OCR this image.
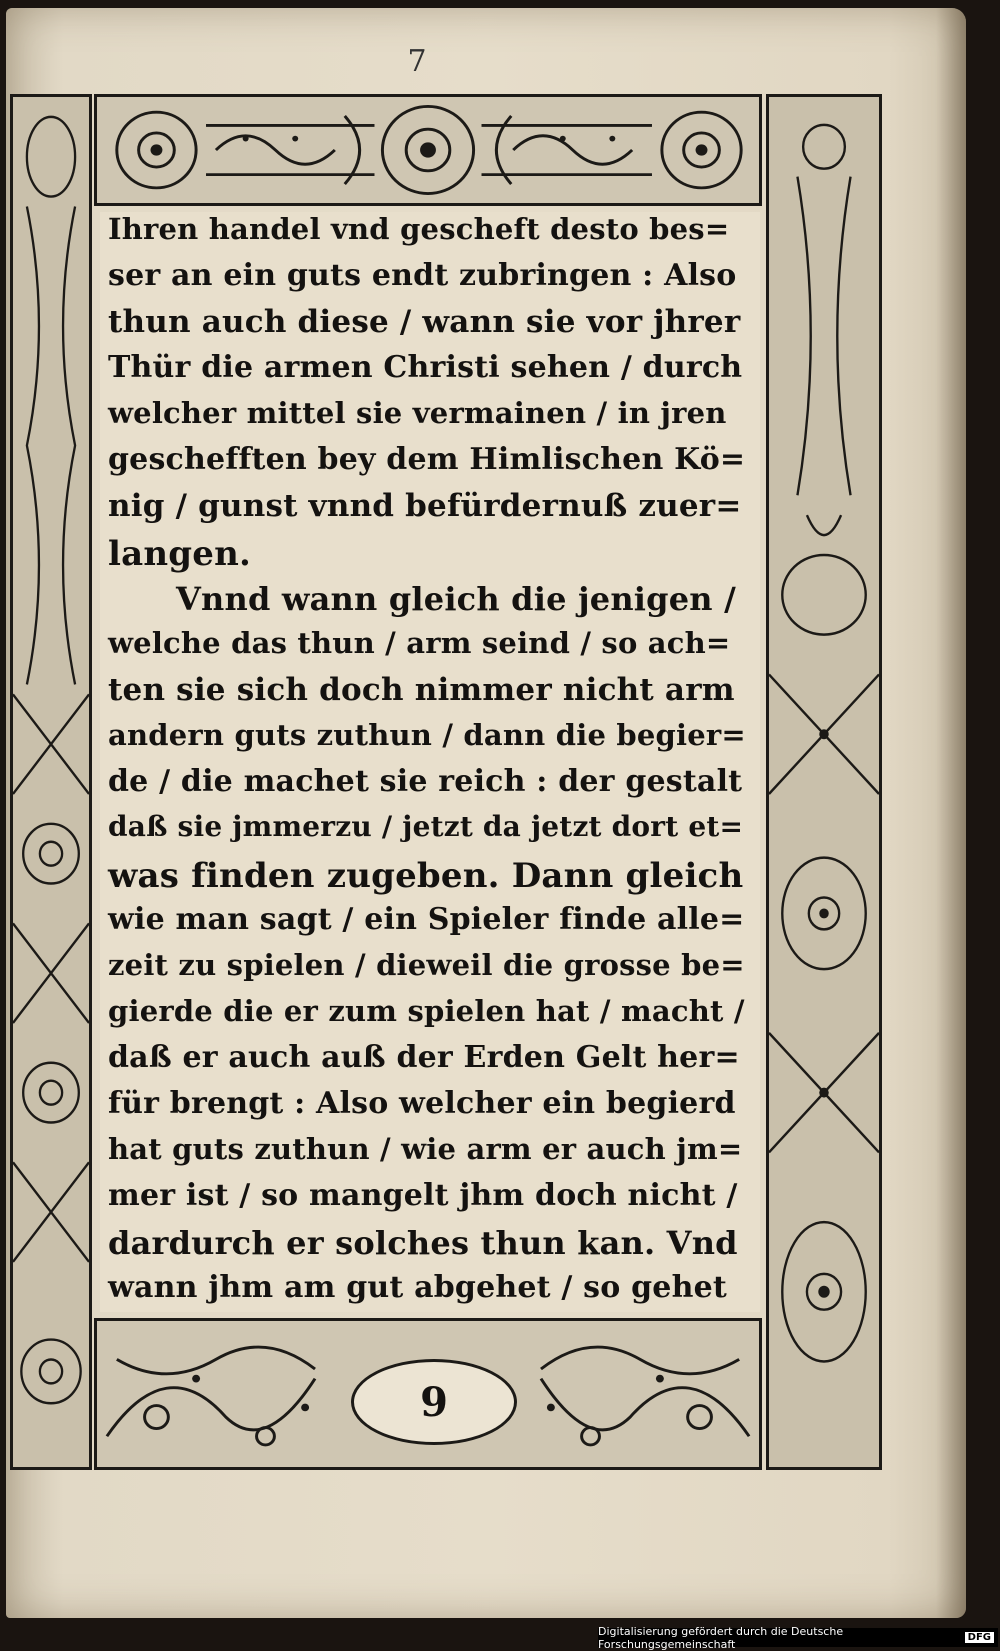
7
Ihren handel vnd gescheft desto bes=
ser an ein guts endt zubringen : Also
thun auch diese / wann sie vor jhrer
Thür die armen Christi sehen / durch
welcher mittel sie vermainen / in jren
geschefften bey dem Himlischen Kö=
nig / gunst vnnd befürdernuß zuer=
langen.
Vnnd wann gleich die jenigen /
welche das thun / arm seind / so ach=
ten sie sich doch nimmer nicht arm
andern guts zuthun / dann die begier=
de / die machet sie reich : der gestalt
daß sie jmmerzu / jetzt da jetzt dort et=
was finden zugeben. Dann gleich
wie man sagt / ein Spieler finde alle=
zeit zu spielen / dieweil die grosse be=
gierde die er zum spielen hat / macht /
daß er auch auß der Erden Gelt her=
für brengt : Also welcher ein begierd
hat guts zuthun / wie arm er auch jm=
mer ist / so mangelt jhm doch nicht /
dardurch er solches thun kan. Vnd
wann jhm am gut abgehet / so gehet
9
Digitalisierung gefördert durch die Deutsche Forschungsgemeinschaft	DFG
